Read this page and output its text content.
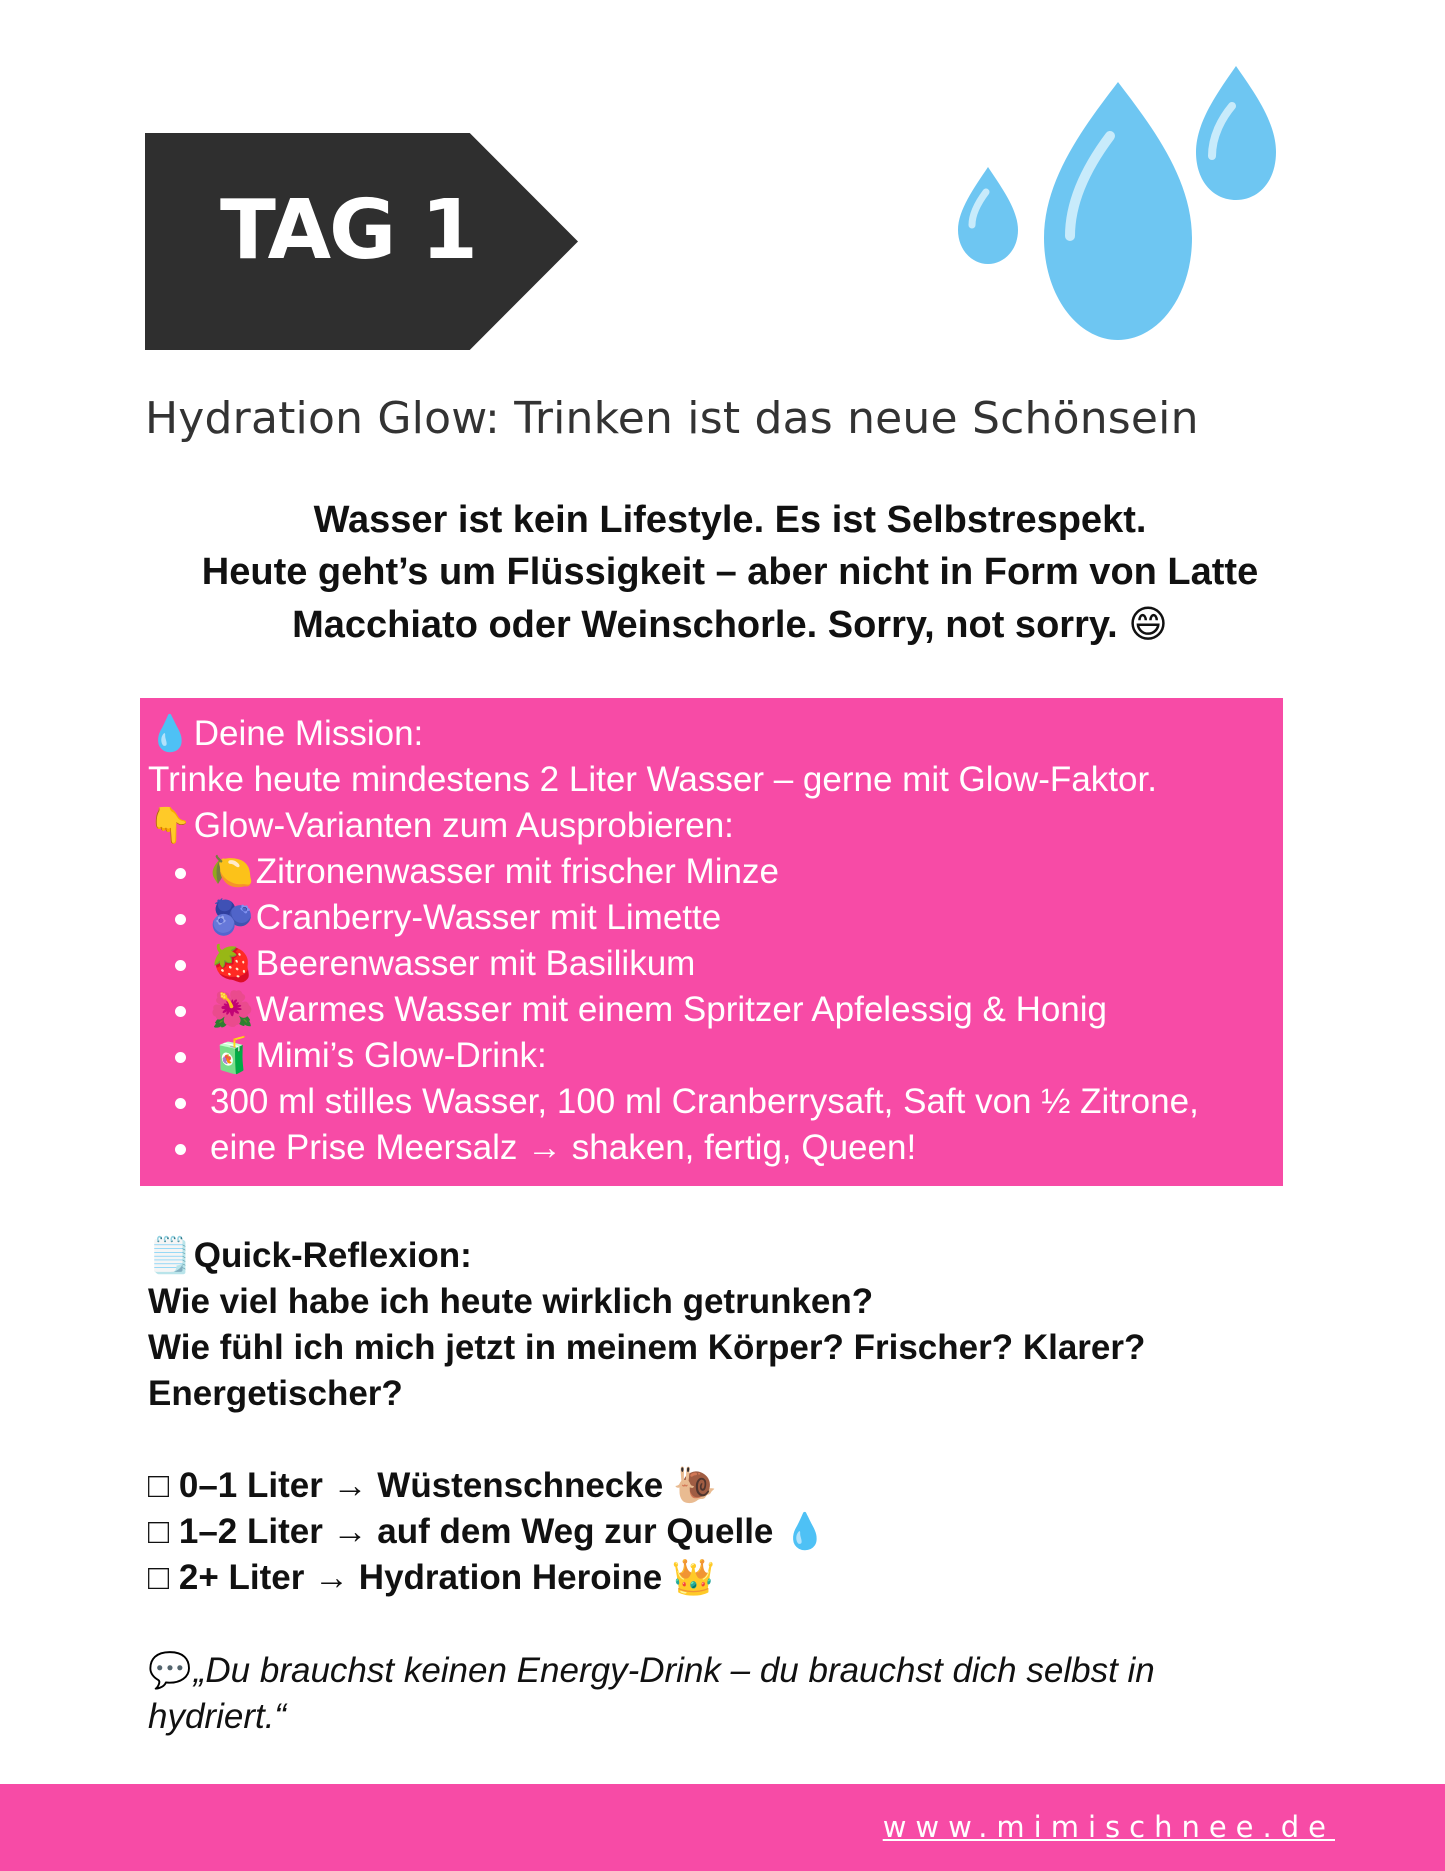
TAG 1
Hydration Glow: Trinken ist das neue Schönsein
Wasser ist kein Lifestyle. Es ist Selbstrespekt.
Heute geht’s um Flüssigkeit – aber nicht in Form von Latte
Macchiato oder Weinschorle. Sorry, not sorry. 😄
💧 Deine Mission:
Trinke heute mindestens 2 Liter Wasser – gerne mit Glow-Faktor.
👇 Glow-Varianten zum Ausprobieren:
🍋 Zitronenwasser mit frischer Minze
🫐 Cranberry-Wasser mit Limette
🍓 Beerenwasser mit Basilikum
🌺 Warmes Wasser mit einem Spritzer Apfelessig & Honig
🧃 Mimi’s Glow-Drink:
300 ml stilles Wasser, 100 ml Cranberrysaft, Saft von ½ Zitrone,
eine Prise Meersalz → shaken, fertig, Queen!
🗒️ Quick-Reflexion:
Wie viel habe ich heute wirklich getrunken?
Wie fühl ich mich jetzt in meinem Körper? Frischer? Klarer?
Energetischer?
□ 0–1 Liter → Wüstenschnecke 🐌
□ 1–2 Liter → auf dem Weg zur Quelle 💧
□ 2+ Liter → Hydration Heroine 👑
💬 „Du brauchst keinen Energy-Drink – du brauchst dich selbst in hydriert.“
www.mimischnee.de
